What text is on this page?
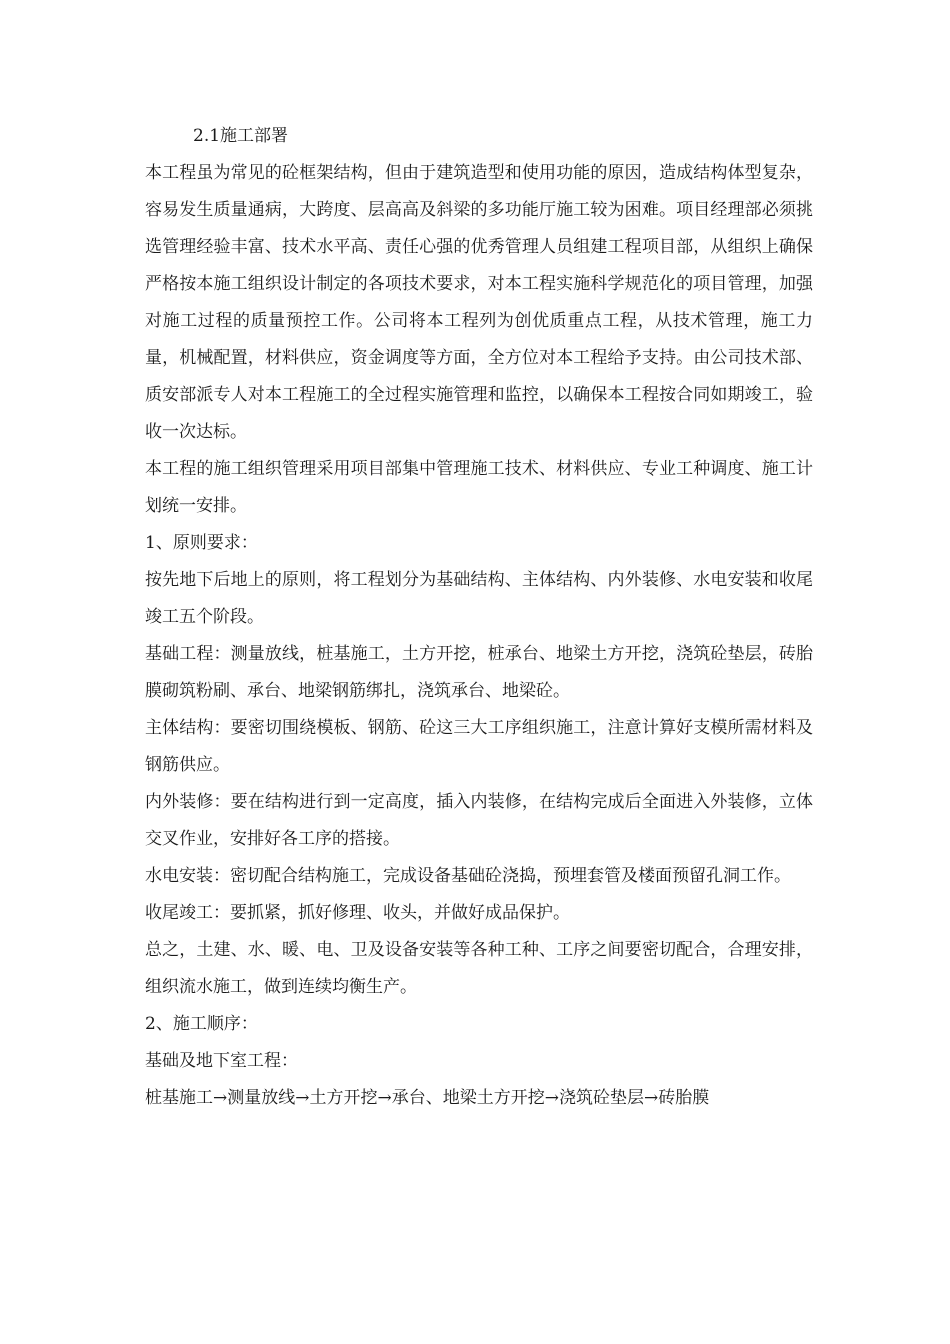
2.1施工部署

本工程虽为常见的砼框架结构，但由于建筑造型和使用功能的原因，造成结构体型复杂，容易发生质量通病，大跨度、层高高及斜梁的多功能厅施工较为困难。项目经理部必须挑选管理经验丰富、技术水平高、责任心强的优秀管理人员组建工程项目部，从组织上确保严格按本施工组织设计制定的各项技术要求，对本工程实施科学规范化的项目管理，加强对施工过程的质量预控工作。公司将本工程列为创优质重点工程，从技术管理，施工力量，机械配置，材料供应，资金调度等方面，全方位对本工程给予支持。由公司技术部、质安部派专人对本工程施工的全过程实施管理和监控，以确保本工程按合同如期竣工，验收一次达标。

本工程的施工组织管理采用项目部集中管理施工技术、材料供应、专业工种调度、施工计划统一安排。

1、原则要求：

按先地下后地上的原则，将工程划分为基础结构、主体结构、内外装修、水电安装和收尾竣工五个阶段。

基础工程：测量放线，桩基施工，土方开挖，桩承台、地梁土方开挖，浇筑砼垫层，砖胎膜砌筑粉刷、承台、地梁钢筋绑扎，浇筑承台、地梁砼。

主体结构：要密切围绕模板、钢筋、砼这三大工序组织施工，注意计算好支模所需材料及钢筋供应。

内外装修：要在结构进行到一定高度，插入内装修，在结构完成后全面进入外装修，立体交叉作业，安排好各工序的搭接。

水电安装：密切配合结构施工，完成设备基础砼浇捣，预埋套管及楼面预留孔洞工作。

收尾竣工：要抓紧，抓好修理、收头，并做好成品保护。

总之，土建、水、暖、电、卫及设备安装等各种工种、工序之间要密切配合，合理安排，组织流水施工，做到连续均衡生产。

2、施工顺序：

基础及地下室工程：

桩基施工→测量放线→土方开挖→承台、地梁土方开挖→浇筑砼垫层→砖胎膜
